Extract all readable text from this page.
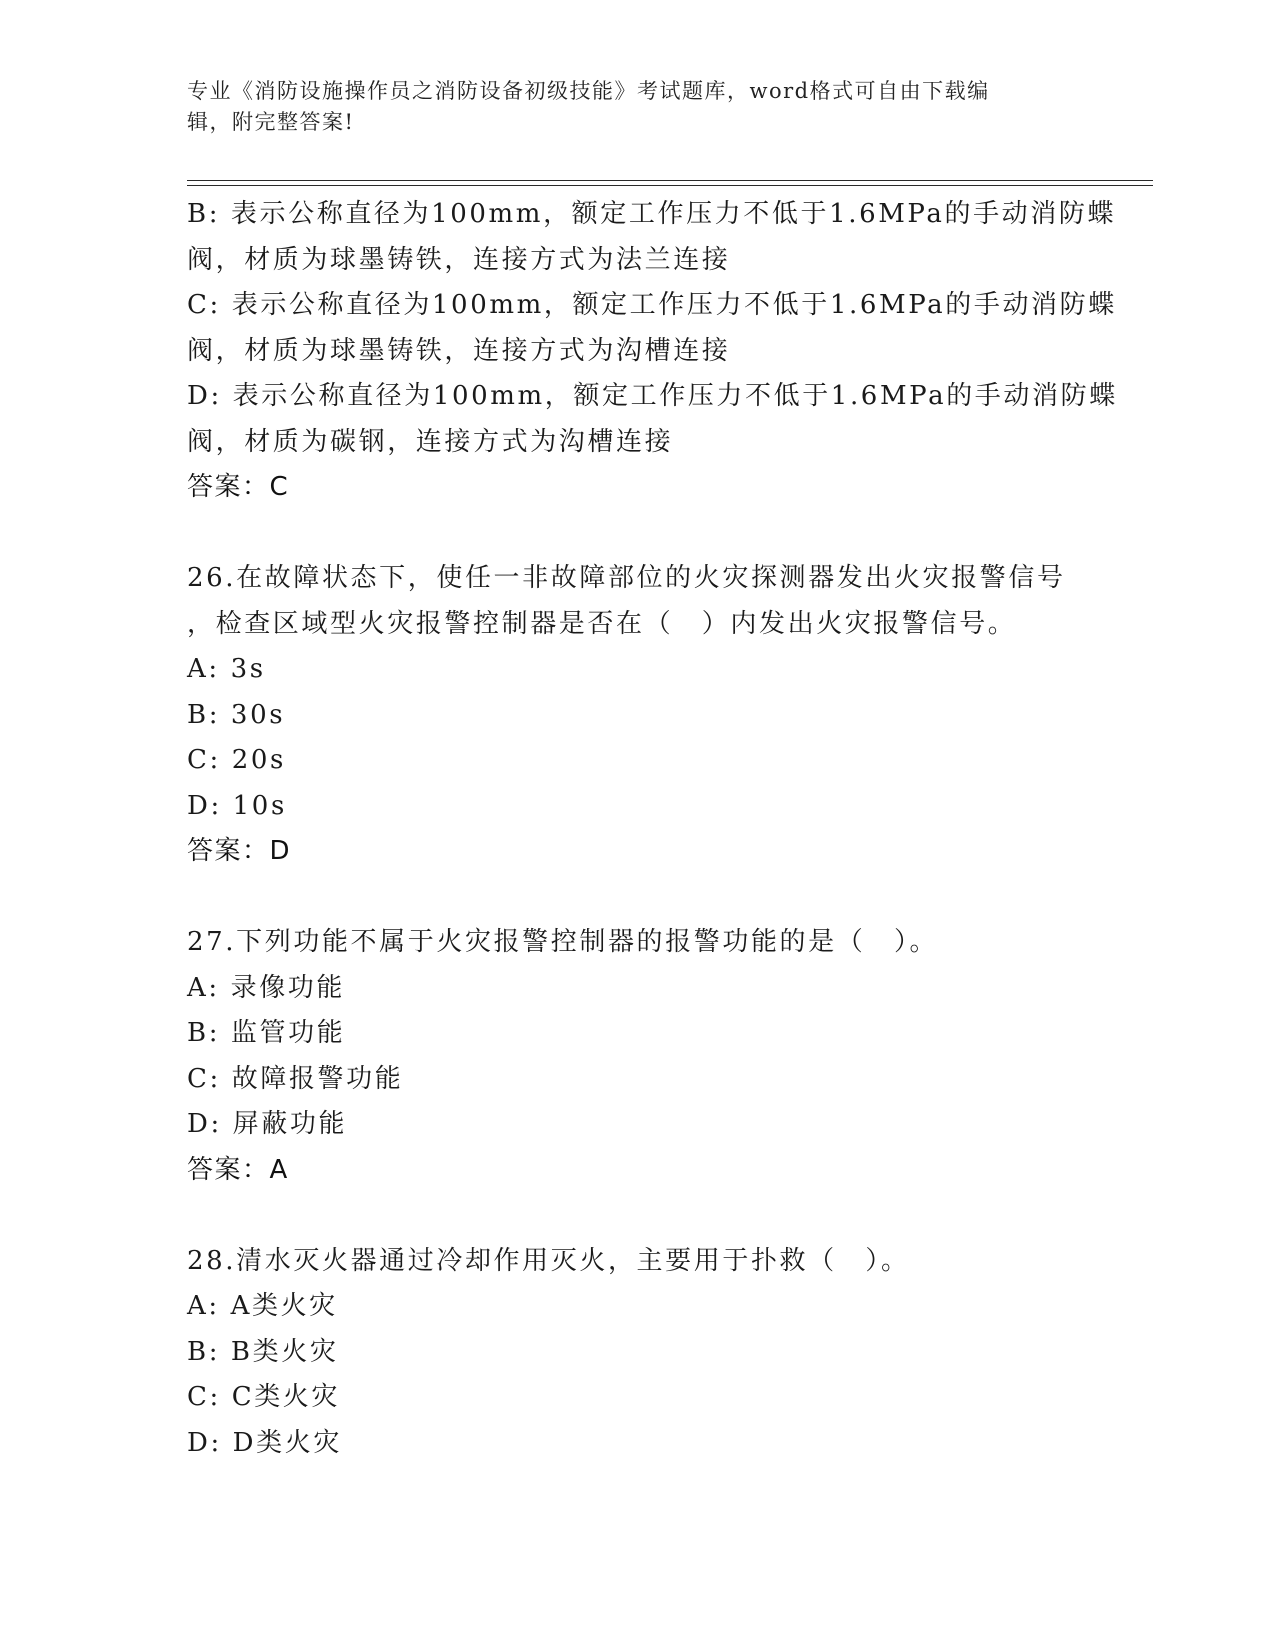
专业《消防设施操作员之消防设备初级技能》考试题库，word格式可自由下载编
辑，附完整答案!
B: 表示公称直径为100mm，额定工作压力不低于1.6MPa的手动消防蝶
阀，材质为球墨铸铁，连接方式为法兰连接
C: 表示公称直径为100mm，额定工作压力不低于1.6MPa的手动消防蝶
阀，材质为球墨铸铁，连接方式为沟槽连接
D: 表示公称直径为100mm，额定工作压力不低于1.6MPa的手动消防蝶
阀，材质为碳钢，连接方式为沟槽连接
答案：C
26.在故障状态下，使任一非故障部位的火灾探测器发出火灾报警信号
，检查区域型火灾报警控制器是否在（　）内发出火灾报警信号。
A: 3s
B: 30s
C: 20s
D: 10s
答案：D
27.下列功能不属于火灾报警控制器的报警功能的是（　）。
A: 录像功能
B: 监管功能
C: 故障报警功能
D: 屏蔽功能
答案：A
28.清水灭火器通过冷却作用灭火，主要用于扑救（　）。
A: A类火灾
B: B类火灾
C: C类火灾
D: D类火灾
